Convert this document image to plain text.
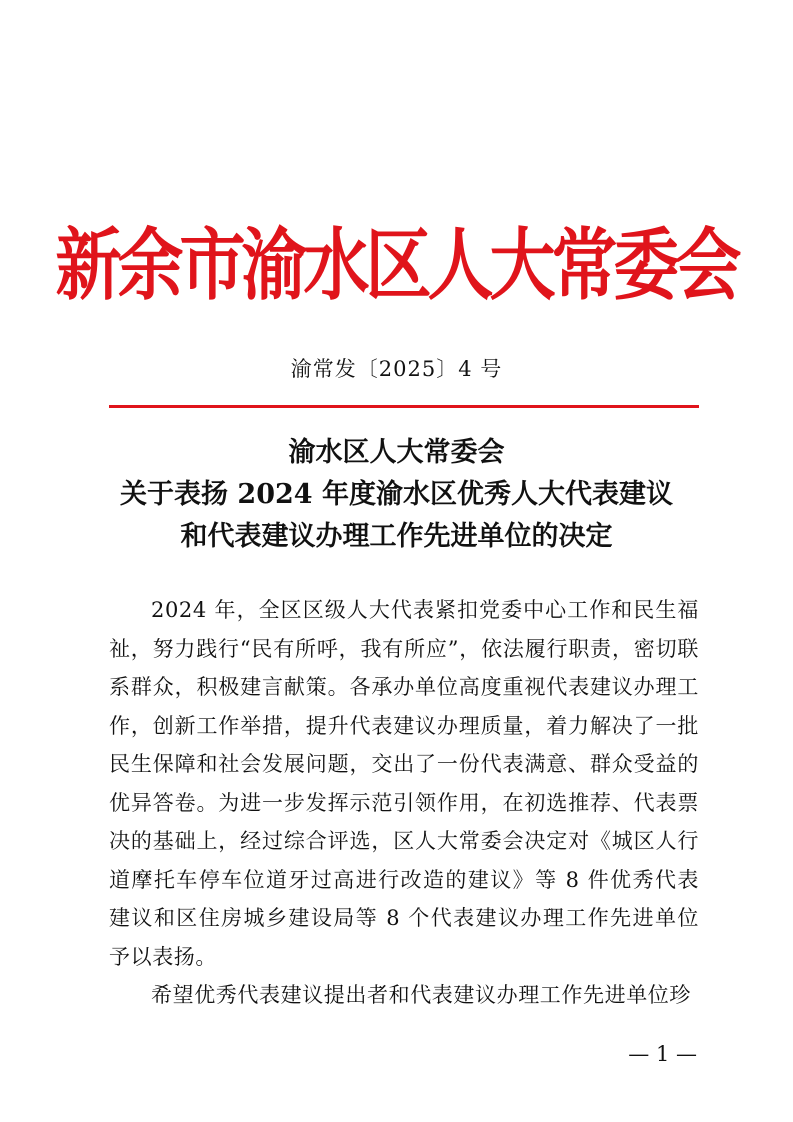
新余市渝水区人大常委会
渝常发〔2025〕4 号
渝水区人大常委会
关于表扬 2024 年度渝水区优秀人大代表建议
和代表建议办理工作先进单位的决定

2024 年，全区区级人大代表紧扣党委中心工作和民生福祉，努力践行“民有所呼，我有所应”，依法履行职责，密切联系群众，积极建言献策。各承办单位高度重视代表建议办理工作，创新工作举措，提升代表建议办理质量，着力解决了一批民生保障和社会发展问题，交出了一份代表满意、群众受益的优异答卷。为进一步发挥示范引领作用，在初选推荐、代表票决的基础上，经过综合评选，区人大常委会决定对《城区人行道摩托车停车位道牙过高进行改造的建议》等 8 件优秀代表建议和区住房城乡建设局等 8 个代表建议办理工作先进单位予以表扬。

希望优秀代表建议提出者和代表建议办理工作先进单位珍

— 1 —
